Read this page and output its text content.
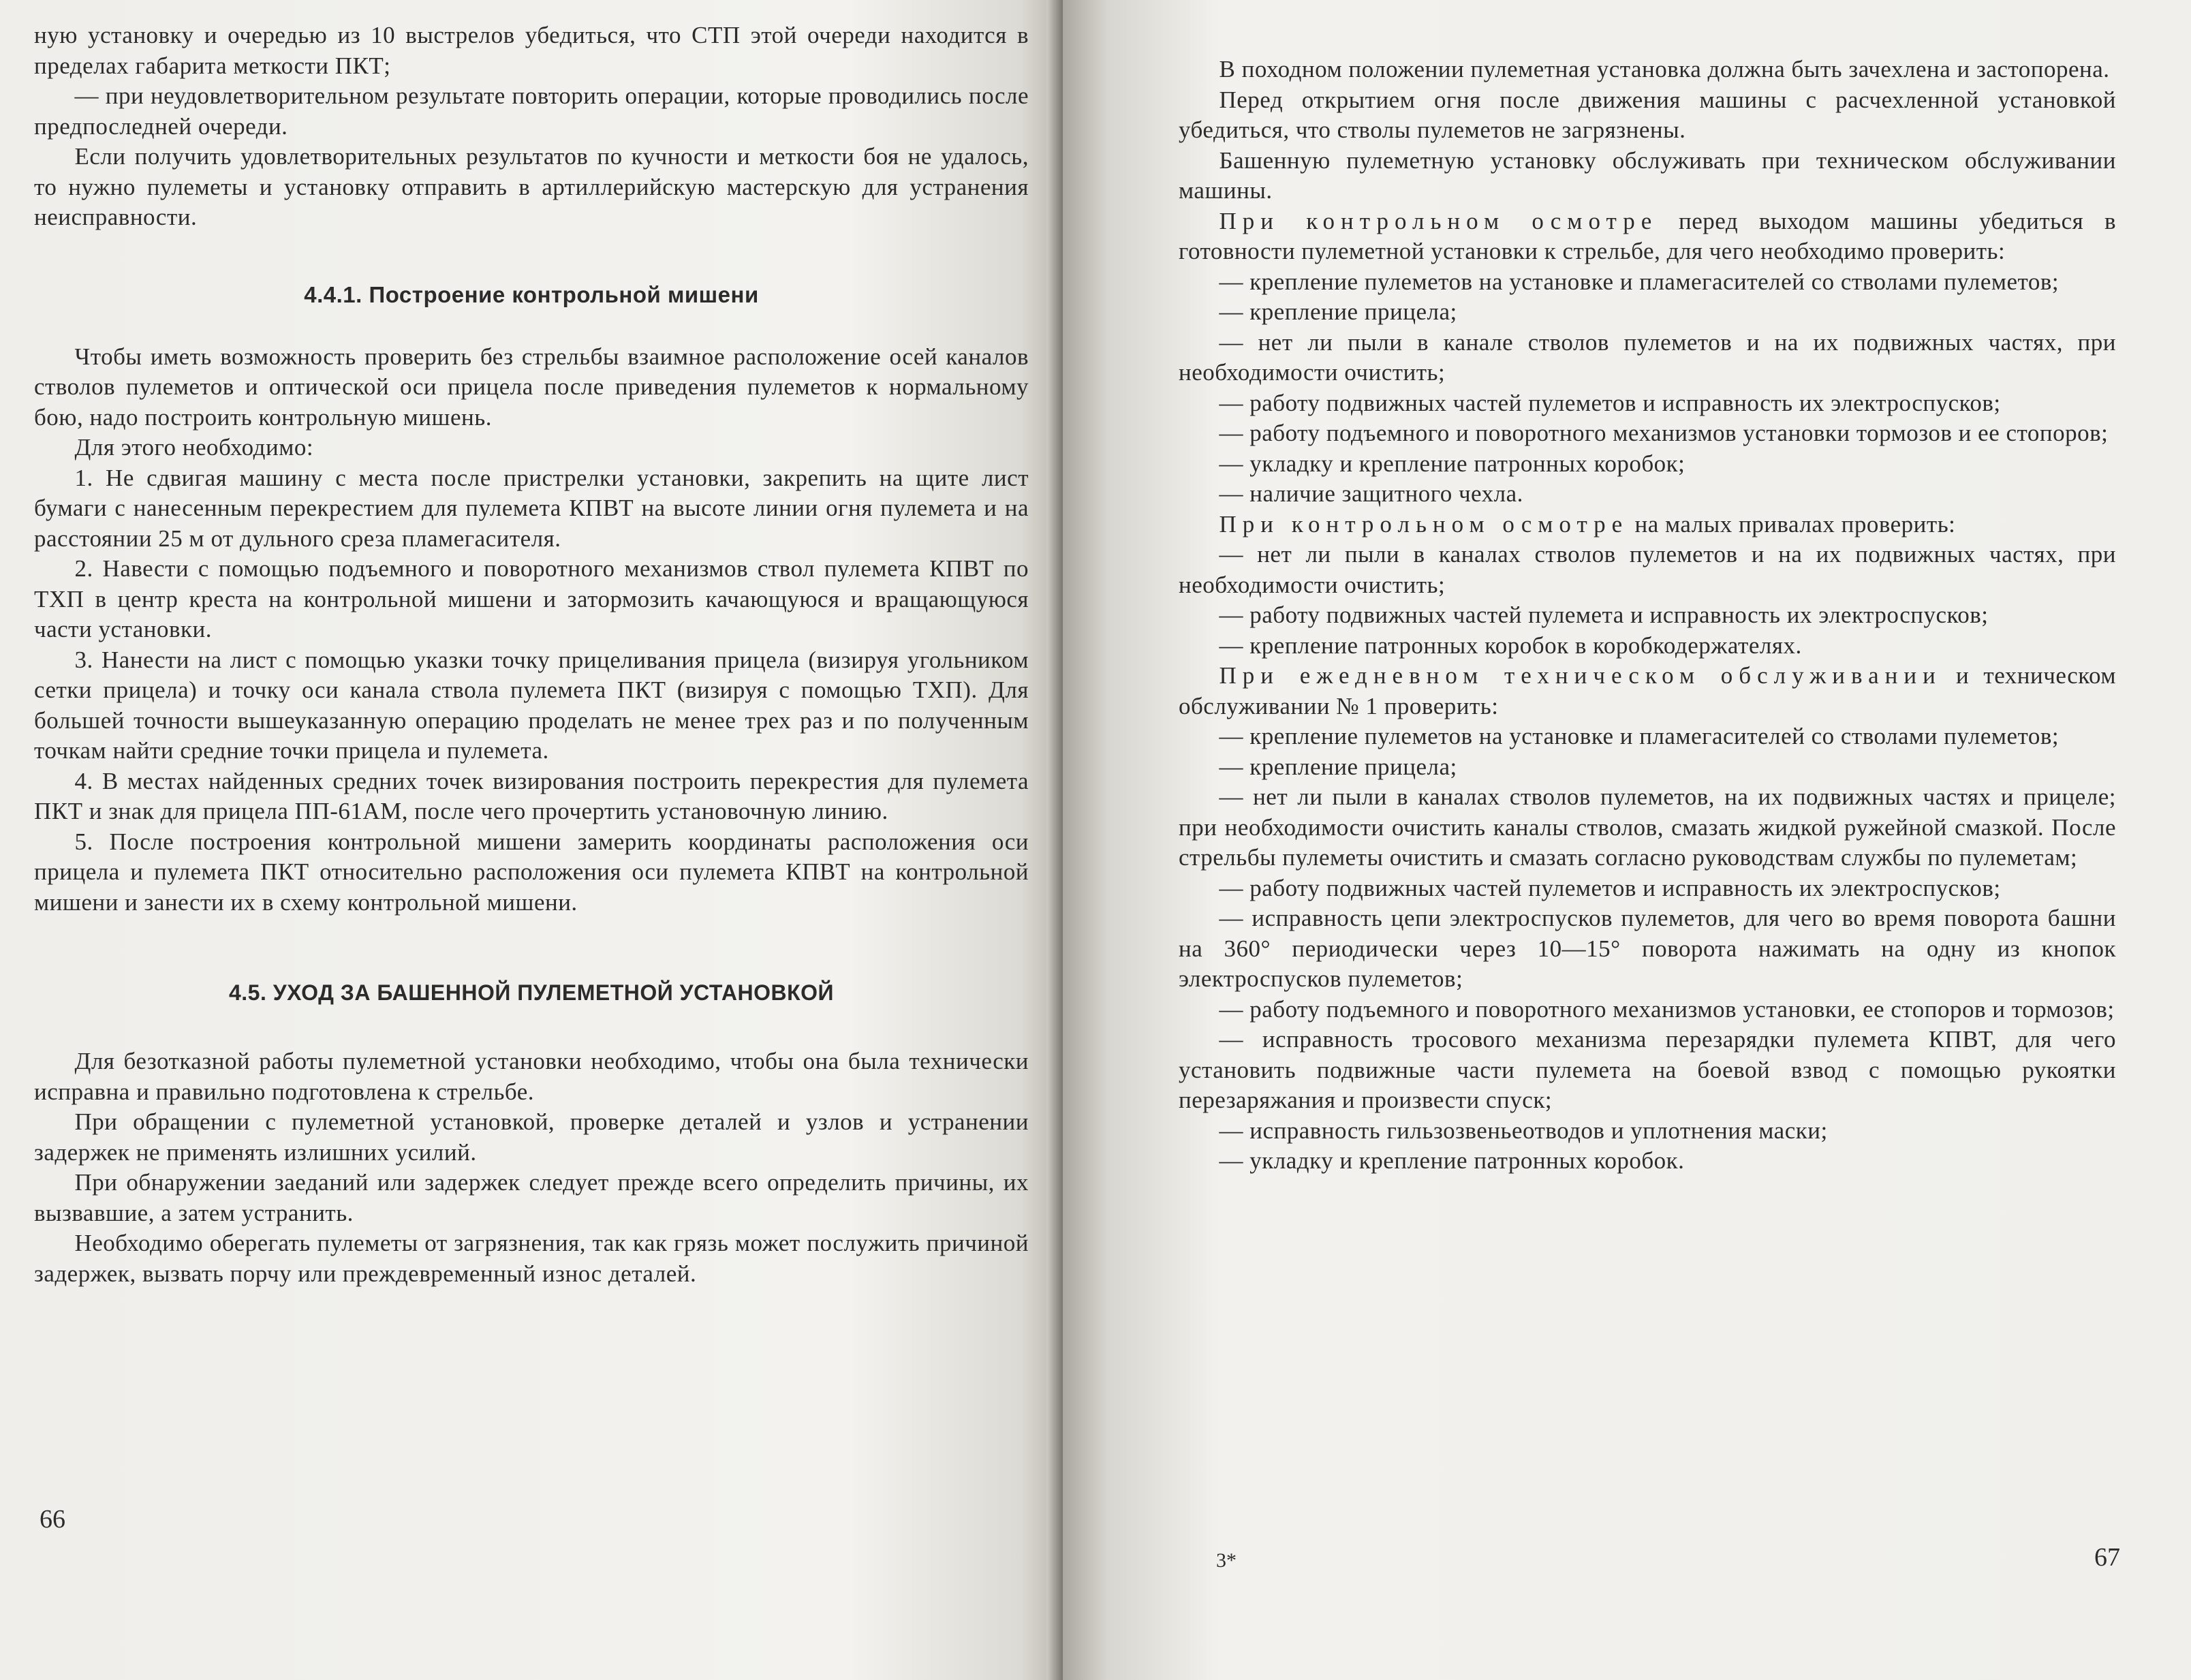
ную установку и очередью из 10 выстрелов убедиться, что СТП этой очереди находится в пределах габарита меткости ПКТ;

— при неудовлетворительном результате повторить операции, которые проводились после предпоследней очереди.

Если получить удовлетворительных результатов по кучности и меткости боя не удалось, то нужно пулеметы и установку отправить в артиллерийскую мастерскую для устранения неисправности.

4.4.1. Построение контрольной мишени

Чтобы иметь возможность проверить без стрельбы взаимное расположение осей каналов стволов пулеметов и оптической оси прицела после приведения пулеметов к нормальному бою, надо построить контрольную мишень.

Для этого необходимо:

1. Не сдвигая машину с места после пристрелки установки, закрепить на щите лист бумаги с нанесенным перекрестием для пулемета КПВТ на высоте линии огня пулемета и на расстоянии 25 м от дульного среза пламегасителя.

2. Навести с помощью подъемного и поворотного механизмов ствол пулемета КПВТ по ТХП в центр креста на контрольной мишени и затормозить качающуюся и вращающуюся части установки.

3. Нанести на лист с помощью указки точку прицеливания прицела (визируя угольником сетки прицела) и точку оси канала ствола пулемета ПКТ (визируя с помощью ТХП). Для большей точности вышеуказанную операцию проделать не менее трех раз и по полученным точкам найти средние точки прицела и пулемета.

4. В местах найденных средних точек визирования построить перекрестия для пулемета ПКТ и знак для прицела ПП-61АМ, после чего прочертить установочную линию.

5. После построения контрольной мишени замерить координаты расположения оси прицела и пулемета ПКТ относительно расположения оси пулемета КПВТ на контрольной мишени и занести их в схему контрольной мишени.

4.5. УХОД ЗА БАШЕННОЙ ПУЛЕМЕТНОЙ УСТАНОВКОЙ

Для безотказной работы пулеметной установки необходимо, чтобы она была технически исправна и правильно подготовлена к стрельбе.

При обращении с пулеметной установкой, проверке деталей и узлов и устранении задержек не применять излишних усилий.

При обнаружении заеданий или задержек следует прежде всего определить причины, их вызвавшие, а затем устранить.

Необходимо оберегать пулеметы от загрязнения, так как грязь может послужить причиной задержек, вызвать порчу или преждевременный износ деталей.

66

В походном положении пулеметная установка должна быть зачехлена и застопорена.

Перед открытием огня после движения машины с расчехленной установкой убедиться, что стволы пулеметов не загрязнены.

Башенную пулеметную установку обслуживать при техническом обслуживании машины.

При контрольном осмотре перед выходом машины убедиться в готовности пулеметной установки к стрельбе, для чего необходимо проверить:

— крепление пулеметов на установке и пламегасителей со стволами пулеметов;

— крепление прицела;

— нет ли пыли в канале стволов пулеметов и на их подвижных частях, при необходимости очистить;

— работу подвижных частей пулеметов и исправность их электроспусков;

— работу подъемного и поворотного механизмов установки тормозов и ее стопоров;

— укладку и крепление патронных коробок;

— наличие защитного чехла.

При контрольном осмотре на малых привалах проверить:

— нет ли пыли в каналах стволов пулеметов и на их подвижных частях, при необходимости очистить;

— работу подвижных частей пулемета и исправность их электроспусков;

— крепление патронных коробок в коробкодержателях.

При ежедневном техническом обслуживании и техническом обслуживании № 1 проверить:

— крепление пулеметов на установке и пламегасителей со стволами пулеметов;

— крепление прицела;

— нет ли пыли в каналах стволов пулеметов, на их подвижных частях и прицеле; при необходимости очистить каналы стволов, смазать жидкой ружейной смазкой. После стрельбы пулеметы очистить и смазать согласно руководствам службы по пулеметам;

— работу подвижных частей пулеметов и исправность их электроспусков;

— исправность цепи электроспусков пулеметов, для чего во время поворота башни на 360° периодически через 10—15° поворота нажимать на одну из кнопок электроспусков пулеметов;

— работу подъемного и поворотного механизмов установки, ее стопоров и тормозов;

— исправность тросового механизма перезарядки пулемета КПВТ, для чего установить подвижные части пулемета на боевой взвод с помощью рукоятки перезаряжания и произвести спуск;

— исправность гильзозвеньеотводов и уплотнения маски;

— укладку и крепление патронных коробок.

3*	67
